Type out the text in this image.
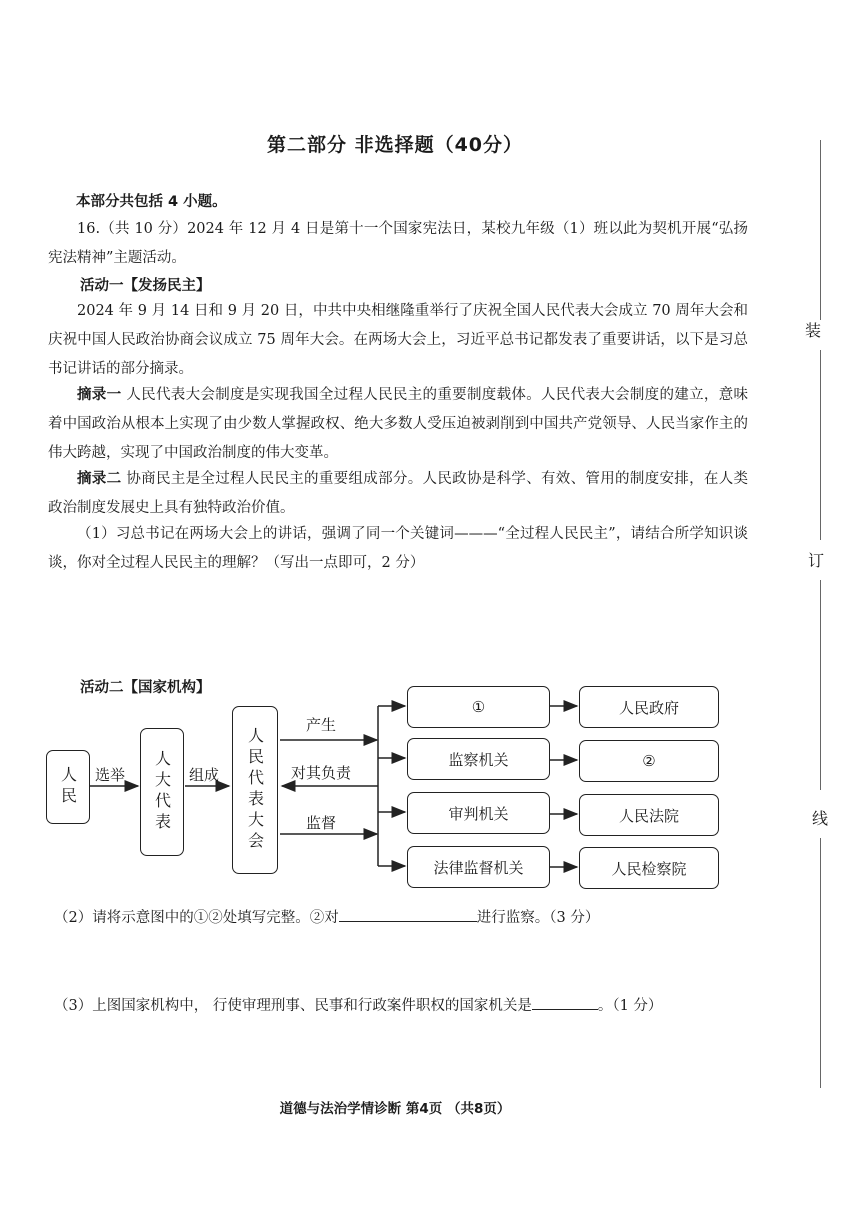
第二部分 非选择题（40分）
本部分共包括 4 小题。
16.（共 10 分）2024 年 12 月 4 日是第十一个国家宪法日，某校九年级（1）班以此为契机开展“弘扬宪法精神”主题活动。
活动一【发扬民主】
2024 年 9 月 14 日和 9 月 20 日，中共中央相继隆重举行了庆祝全国人民代表大会成立 70 周年大会和庆祝中国人民政治协商会议成立 75 周年大会。在两场大会上，习近平总书记都发表了重要讲话，以下是习总书记讲话的部分摘录。
摘录一 人民代表大会制度是实现我国全过程人民民主的重要制度载体。人民代表大会制度的建立，意味着中国政治从根本上实现了由少数人掌握政权、绝大多数人受压迫被剥削到中国共产党领导、人民当家作主的伟大跨越，实现了中国政治制度的伟大变革。
摘录二 协商民主是全过程人民民主的重要组成部分。人民政协是科学、有效、管用的制度安排，在人类政治制度发展史上具有独特政治价值。
（1）习总书记在两场大会上的讲话，强调了同一个关键词———“全过程人民民主”，请结合所学知识谈谈，你对全过程人民民主的理解？（写出一点即可，2 分）
活动二【国家机构】
人民	人大代表	人民代表大会
选举	组成
产生
对其负责
监督
①
监察机关
审判机关
法律监督机关
人民政府
②
人民法院
人民检察院
（2）请将示意图中的①②处填写完整。②对	进行监察。（3 分）
（3）上图国家机构中， 行使审理刑事、民事和行政案件职权的国家机关是	。（1 分）
装
订
线
道德与法治学情诊断 第4页 （共8页）
